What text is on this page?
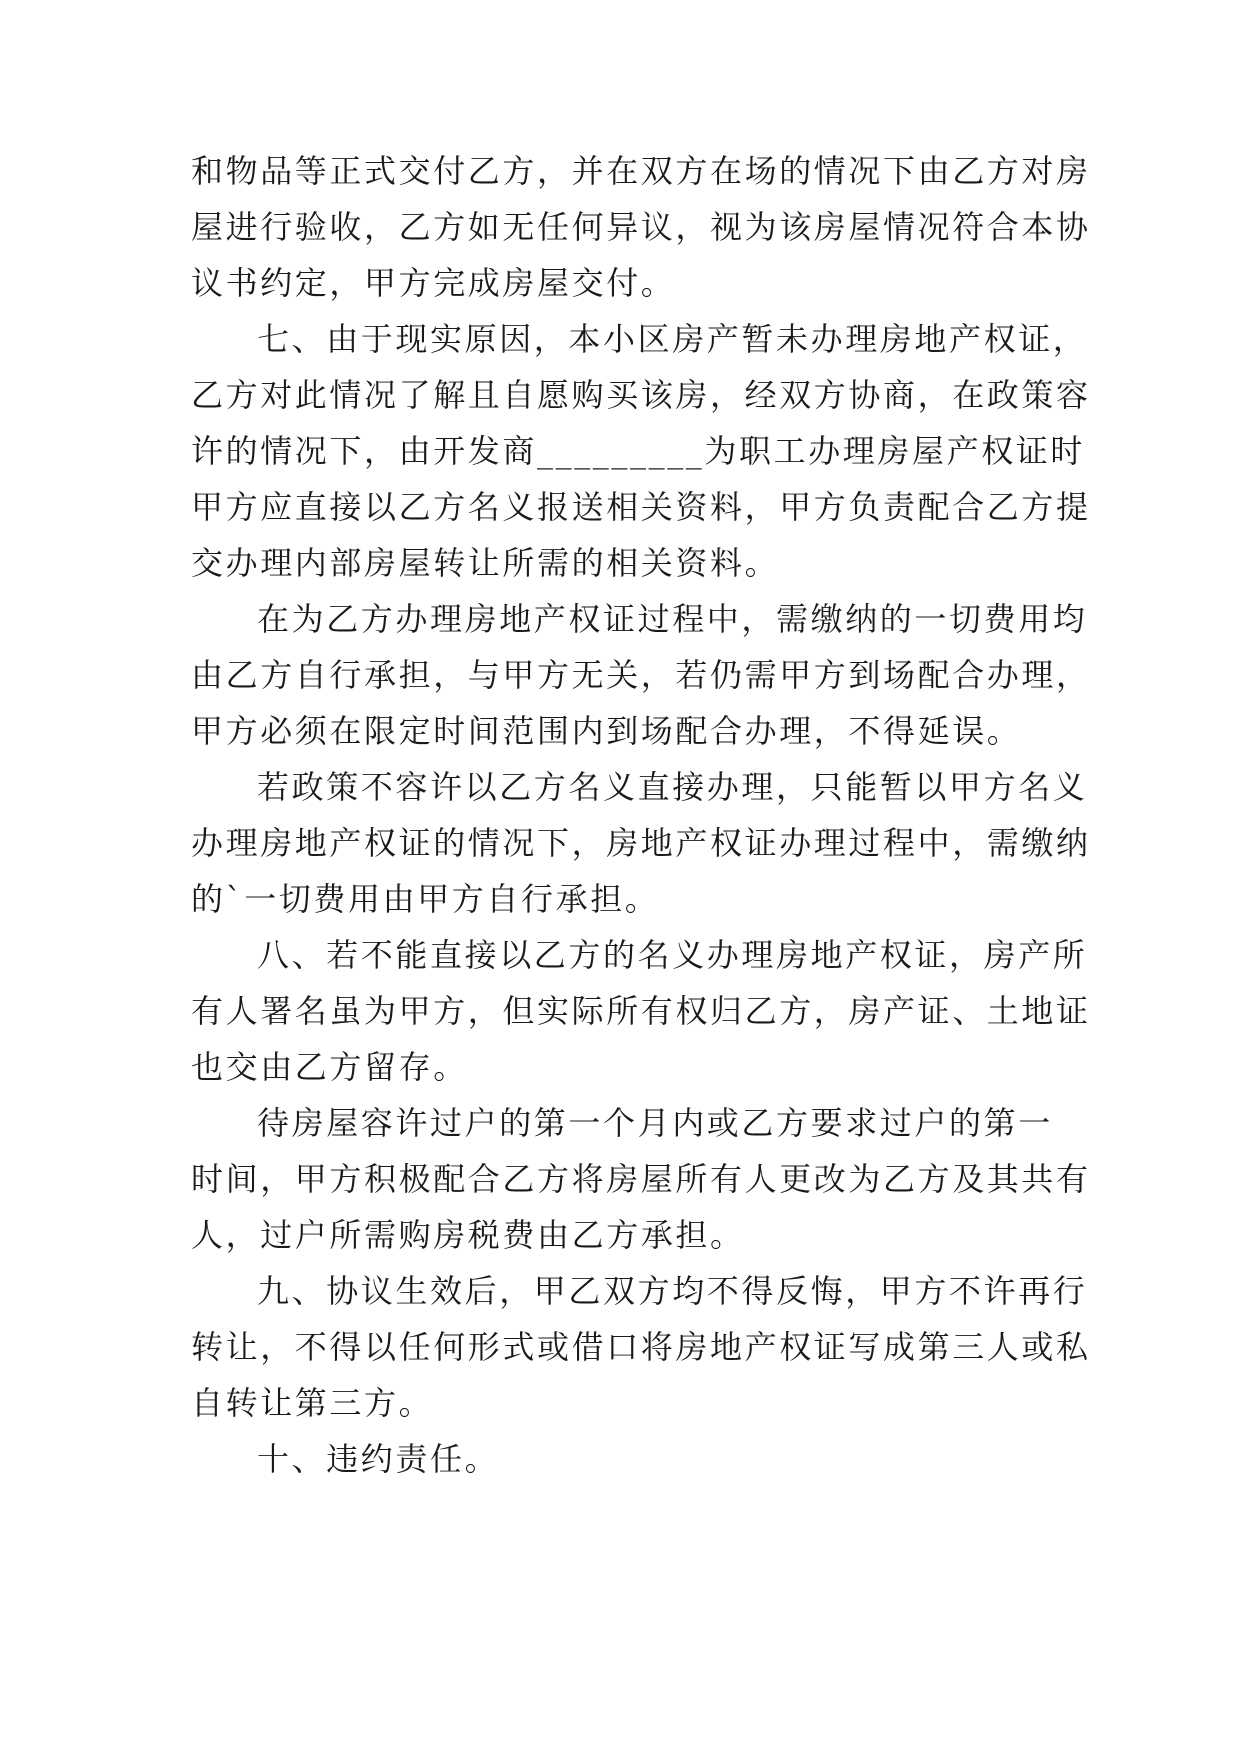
和物品等正式交付乙方，并在双方在场的情况下由乙方对房
屋进行验收，乙方如无任何异议，视为该房屋情况符合本协
议书约定，甲方完成房屋交付。
七、由于现实原因，本小区房产暂未办理房地产权证，
乙方对此情况了解且自愿购买该房，经双方协商，在政策容
许的情况下，由开发商_________为职工办理房屋产权证时
甲方应直接以乙方名义报送相关资料，甲方负责配合乙方提
交办理内部房屋转让所需的相关资料。
在为乙方办理房地产权证过程中，需缴纳的一切费用均
由乙方自行承担，与甲方无关，若仍需甲方到场配合办理，
甲方必须在限定时间范围内到场配合办理，不得延误。
若政策不容许以乙方名义直接办理，只能暂以甲方名义
办理房地产权证的情况下，房地产权证办理过程中，需缴纳
的`一切费用由甲方自行承担。
八、若不能直接以乙方的名义办理房地产权证，房产所
有人署名虽为甲方，但实际所有权归乙方，房产证、土地证
也交由乙方留存。
待房屋容许过户的第一个月内或乙方要求过户的第一
时间，甲方积极配合乙方将房屋所有人更改为乙方及其共有
人，过户所需购房税费由乙方承担。
九、协议生效后，甲乙双方均不得反悔，甲方不许再行
转让，不得以任何形式或借口将房地产权证写成第三人或私
自转让第三方。
十、违约责任。
